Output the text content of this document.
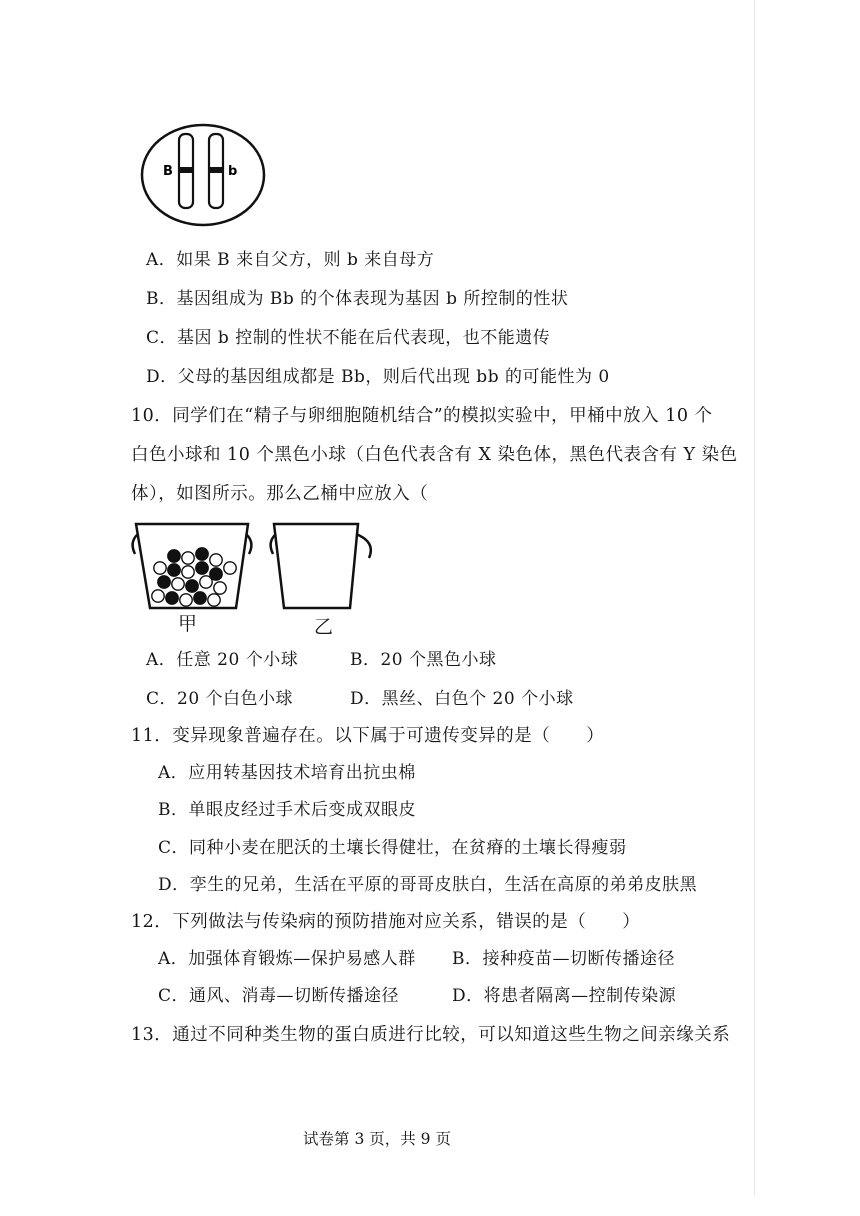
B	b
A．如果 B 来自父方，则 b 来自母方
B．基因组成为 Bb 的个体表现为基因 b 所控制的性状
C．基因 b 控制的性状不能在后代表现，也不能遗传
D．父母的基因组成都是 Bb，则后代出现 bb 的可能性为 0
10．同学们在“精子与卵细胞随机结合”的模拟实验中，甲桶中放入 10 个
白色小球和 10 个黑色小球（白色代表含有 X 染色体，黑色代表含有 Y 染色
体），如图所示。那么乙桶中应放入（
甲	乙
A．任意 20 个小球	B．20 个黑色小球
C．20 个白色小球	D．黑丝、白色个 20 个小球
11．变异现象普遍存在。以下属于可遗传变异的是（　　）
A．应用转基因技术培育出抗虫棉
B．单眼皮经过手术后变成双眼皮
C．同种小麦在肥沃的土壤长得健壮，在贫瘠的土壤长得瘦弱
D．孪生的兄弟，生活在平原的哥哥皮肤白，生活在高原的弟弟皮肤黑
12．下列做法与传染病的预防措施对应关系，错误的是（　　）
A．加强体育锻炼—保护易感人群 B．接种疫苗—切断传播途径
C．通风、消毒—切断传播途径	D．将患者隔离—控制传染源
13．通过不同种类生物的蛋白质进行比较，可以知道这些生物之间亲缘关系
试卷第 3 页，共 9 页
